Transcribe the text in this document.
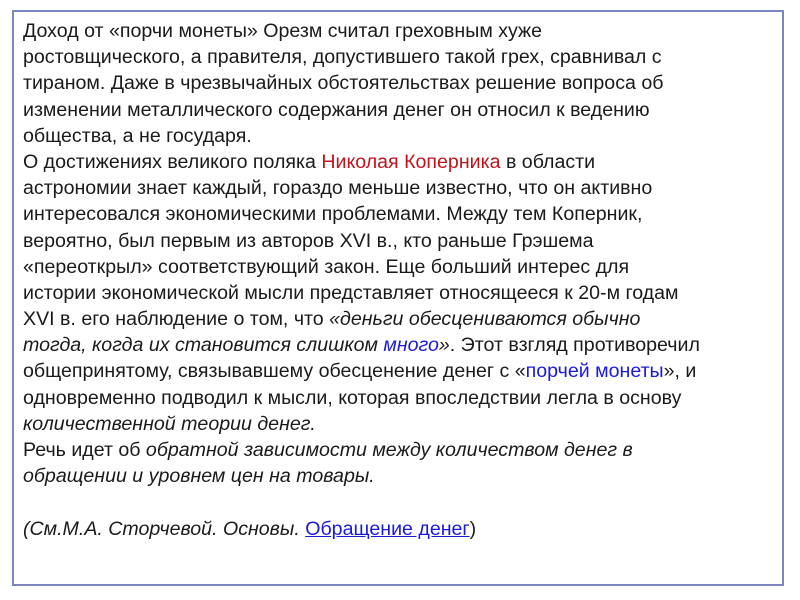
Доход от «порчи монеты» Орезм считал греховным хуже
ростовщического, а правителя, допустившего такой грех, сравнивал с
тираном. Даже в чрезвычайных обстоятельствах решение вопроса об
изменении металлического содержания денег он относил к ведению
общества, а не государя.
О достижениях великого поляка Николая Коперника в области
астрономии знает каждый, гораздо меньше известно, что он активно
интересовался экономическими проблемами. Между тем Коперник,
вероятно, был первым из авторов XVI в., кто раньше Грэшема
«переоткрыл» соответствующий закон. Еще больший интерес для
истории экономической мысли представляет относящееся к 20-м годам
XVI в. его наблюдение о том, что «деньги обесцениваются обычно
тогда, когда их становится слишком много». Этот взгляд противоречил
общепринятому, связывавшему обесценение денег с «порчей монеты», и
одновременно подводил к мысли, которая впоследствии легла в основу
количественной теории денег.
Речь идет об обратной зависимости между количеством денег в
обращении и уровнем цен на товары.
(См.М.А. Сторчевой. Основы. Обращение денег)
